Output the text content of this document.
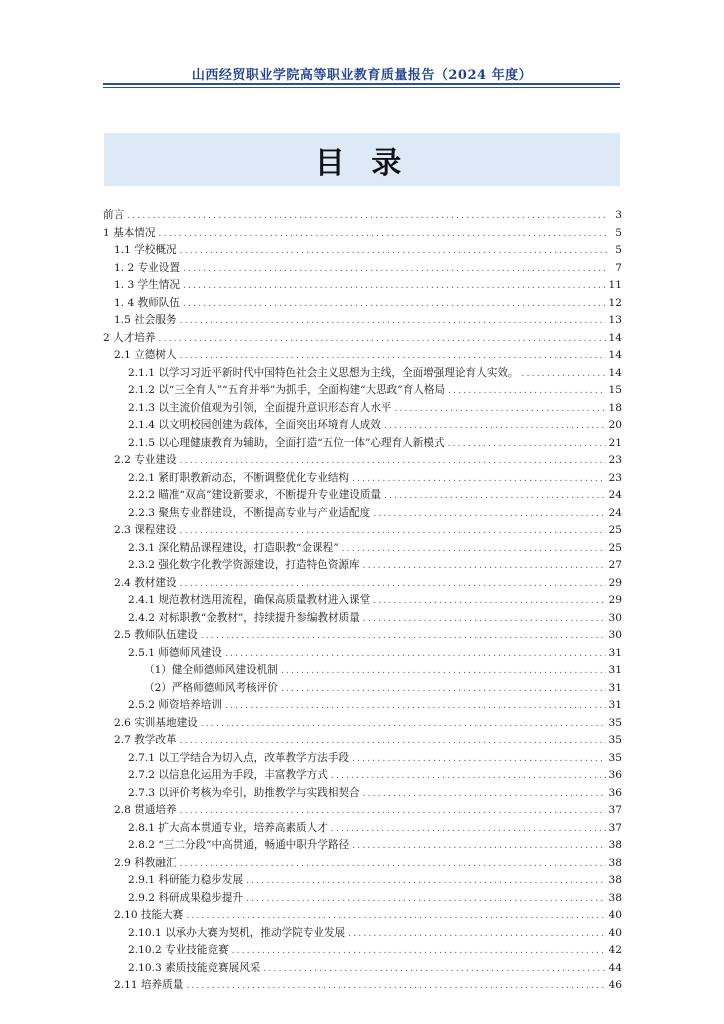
山西经贸职业学院高等职业教育质量报告（2024 年度）
目 录
前言 .....	3
1 基本情况 .....	5
1.1 学校概况 .....	5
1. 2 专业设置 .....	7
1. 3 学生情况 .....	11
1. 4 教师队伍 .....	12
1.5 社会服务 .....	13
2 人才培养 .....	14
2.1 立德树人 .....	14
2.1.1 以学习习近平新时代中国特色社会主义思想为主线，全面增强理论育人实效。 .....	14
2.1.2 以“三全育人”“五育并举”为抓手，全面构建“大思政”育人格局 .....	15
2.1.3 以主流价值观为引领，全面提升意识形态育人水平 .....	18
2.1.4 以文明校园创建为载体，全面突出环境育人成效 .....	20
2.1.5 以心理健康教育为辅助，全面打造“五位一体”心理育人新模式 .....	21
2.2 专业建设 .....	23
2.2.1 紧盯职教新动态，不断调整优化专业结构 .....	23
2.2.2 瞄准“双高”建设新要求，不断提升专业建设质量 .....	24
2.2.3 聚焦专业群建设，不断提高专业与产业适配度 .....	24
2.3 课程建设 .....	25
2.3.1 深化精品课程建设，打造职教“金课程” .....	25
2.3.2 强化数字化教学资源建设，打造特色资源库 .....	27
2.4 教材建设 .....	29
2.4.1 规范教材选用流程，确保高质量教材进入课堂 .....	29
2.4.2 对标职教“金教材”，持续提升参编教材质量 .....	30
2.5 教师队伍建设 .....	30
2.5.1 师德师风建设 .....	31
（1）健全师德师风建设机制 .....	31
（2）严格师德师风考核评价 .....	31
2.5.2 师资培养培训 .....	31
2.6 实训基地建设 .....	35
2.7 教学改革 .....	35
2.7.1 以工学结合为切入点，改革教学方法手段 .....	35
2.7.2 以信息化运用为手段，丰富教学方式 .....	36
2.7.3 以评价考核为牵引，助推教学与实践相契合 .....	36
2.8 贯通培养 .....	37
2.8.1 扩大高本贯通专业，培养高素质人才 .....	37
2.8.2 “三二分段”中高贯通，畅通中职升学路径 .....	38
2.9 科教融汇 .....	38
2.9.1 科研能力稳步发展 .....	38
2.9.2 科研成果稳步提升 .....	38
2.10 技能大赛 .....	40
2.10.1 以承办大赛为契机，推动学院专业发展 .....	40
2.10.2 专业技能竞赛 .....	42
2.10.3 素质技能竞赛展风采 .....	44
2.11 培养质量 .....	46
